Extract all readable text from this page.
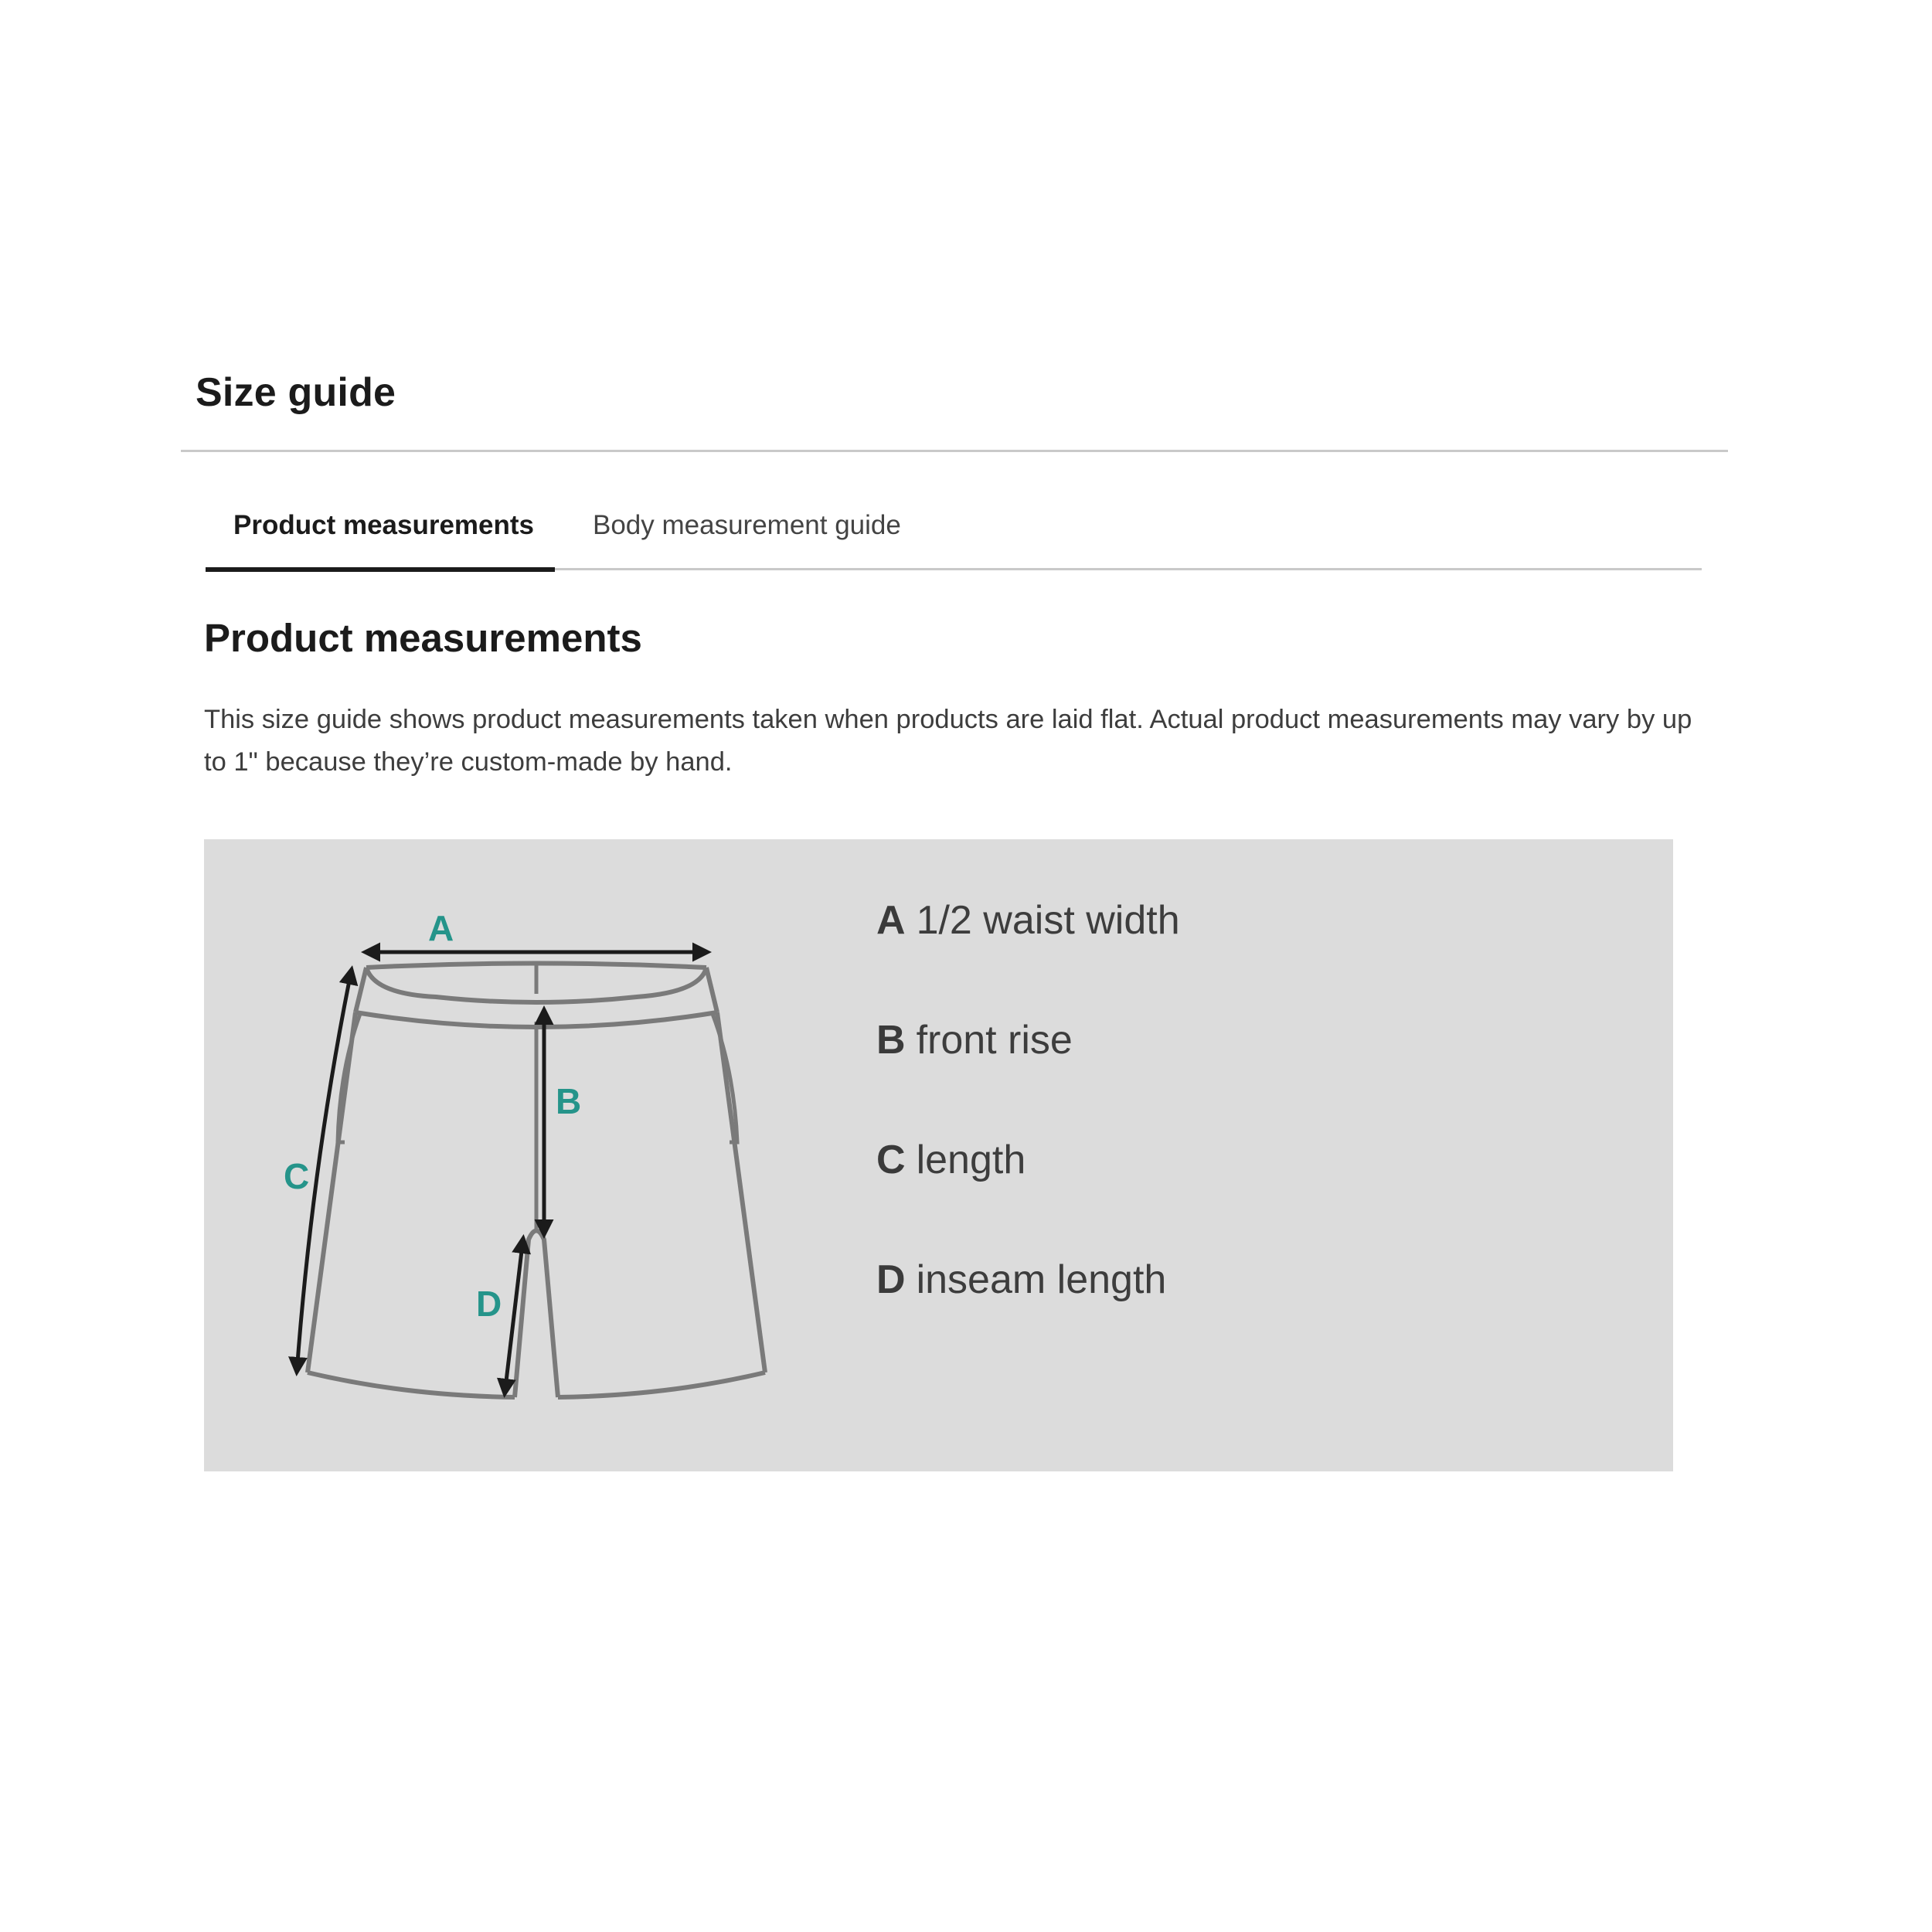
Size guide
Product measurements Body measurement guide
Product measurements
This size guide shows product measurements taken when products are laid flat. Actual product measurements may vary by up to 1" because they’re custom-made by hand.
A
B
C
D
A 1/2 waist width
B front rise
C length
D inseam length
